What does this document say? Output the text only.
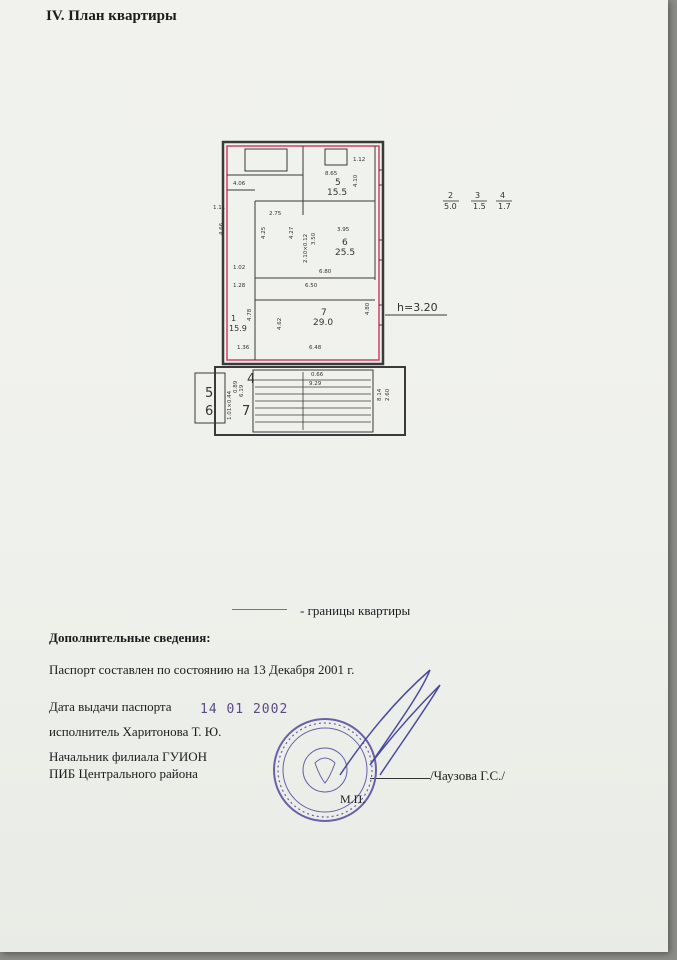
IV. План квартиры
5
15.5
6
25.5
7
29.0
1
15.9
1.12
4.06
8.65
4.10
1.11
2.75
3.95
4.66	4.25	4.27	3.50
2.10×0.12
1.02
6.80
1.28	6.50
4.62
4.80
4.78
1.36	6.48
1.01×0.44
0.89 6.19	8.14 2.60
0.66
9.29
h=3.20
2
5.0
3
1.5
4
1.7
4
5
6 7
- границы квартиры
Дополнительные сведения:
Паспорт составлен по состоянию на 13 Декабря 2001 г.
Дата выдачи паспорта 14 01 2002
исполнитель Харитонова Т. Ю.
Начальник филиала ГУИОН
ПИБ Центрального района	/Чаузова Г.С./
М.П.
